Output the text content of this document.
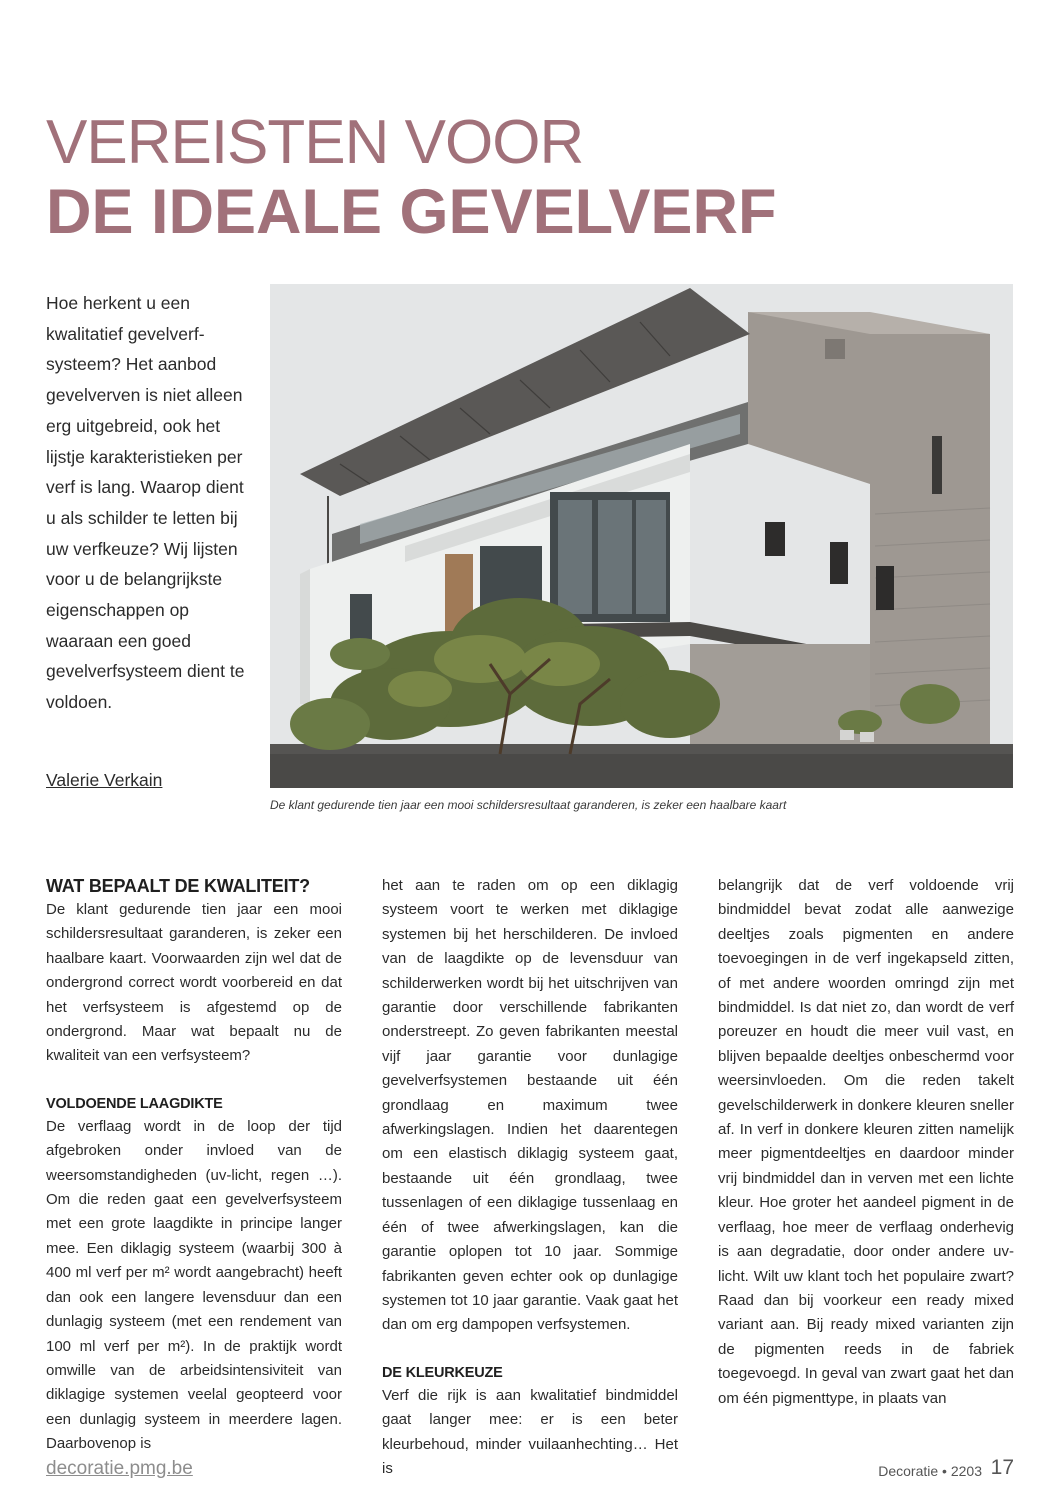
VEREISTEN VOOR
DE IDEALE GEVELVERF
Hoe herkent u een kwalitatief gevelverf-systeem? Het aanbod gevelverven is niet alleen erg uitgebreid, ook het lijstje karakteristieken per verf is lang. Waarop dient u als schilder te letten bij uw verfkeuze? Wij lijsten voor u de belangrijkste eigenschappen op waaraan een goed gevelverfsysteem dient te voldoen.
Valerie Verkain
De klant gedurende tien jaar een mooi schildersresultaat garanderen, is zeker een haalbare kaart

WAT BEPAALT DE KWALITEIT?

De klant gedurende tien jaar een mooi schildersresultaat garanderen, is zeker een haalbare kaart. Voorwaarden zijn wel dat de ondergrond correct wordt voorbereid en dat het verfsysteem is afgestemd op de ondergrond. Maar wat bepaalt nu de kwaliteit van een verfsysteem?

VOLDOENDE LAAGDIKTE

De verflaag wordt in de loop der tijd afgebroken onder invloed van de weersomstandigheden (uv-licht, regen …). Om die reden gaat een gevelverfsysteem met een grote laagdikte in principe langer mee. Een diklagig systeem (waarbij 300 à 400 ml verf per m² wordt aangebracht) heeft dan ook een langere levensduur dan een dunlagig systeem (met een rendement van 100 ml verf per m²). In de praktijk wordt omwille van de arbeidsintensiviteit van diklagige systemen veelal geopteerd voor een dunlagig systeem in meerdere lagen. Daarbovenop is

het aan te raden om op een diklagig systeem voort te werken met diklagige systemen bij het herschilderen. De invloed van de laagdikte op de levensduur van schilderwerken wordt bij het uitschrijven van garantie door verschillende fabrikanten onderstreept. Zo geven fabrikanten meestal vijf jaar garantie voor dunlagige gevelverfsystemen bestaande uit één grondlaag en maximum twee afwerkingslagen. Indien het daarentegen om een elastisch diklagig systeem gaat, bestaande uit één grondlaag, twee tussenlagen of een diklagige tussenlaag en één of twee afwerkingslagen, kan die garantie oplopen tot 10 jaar. Sommige fabrikanten geven echter ook op dunlagige systemen tot 10 jaar garantie. Vaak gaat het dan om erg dampopen verfsystemen.

DE KLEURKEUZE

Verf die rijk is aan kwalitatief bindmiddel gaat langer mee: er is een beter kleurbehoud, minder vuilaanhechting… Het is

belangrijk dat de verf voldoende vrij bindmiddel bevat zodat alle aanwezige deeltjes zoals pigmenten en andere toevoegingen in de verf ingekapseld zitten, of met andere woorden omringd zijn met bindmiddel. Is dat niet zo, dan wordt de verf poreuzer en houdt die meer vuil vast, en blijven bepaalde deeltjes onbeschermd voor weersinvloeden. Om die reden takelt gevelschilderwerk in donkere kleuren sneller af. In verf in donkere kleuren zitten namelijk meer pigmentdeeltjes en daardoor minder vrij bindmiddel dan in verven met een lichte kleur. Hoe groter het aandeel pigment in de verflaag, hoe meer de verflaag onderhevig is aan degradatie, door onder andere uv-licht. Wilt uw klant toch het populaire zwart? Raad dan bij voorkeur een ready mixed variant aan. Bij ready mixed varianten zijn de pigmenten reeds in de fabriek toegevoegd. In geval van zwart gaat het dan om één pigmenttype, in plaats van

decoratie.pmg.be	Decoratie • 2203 17
